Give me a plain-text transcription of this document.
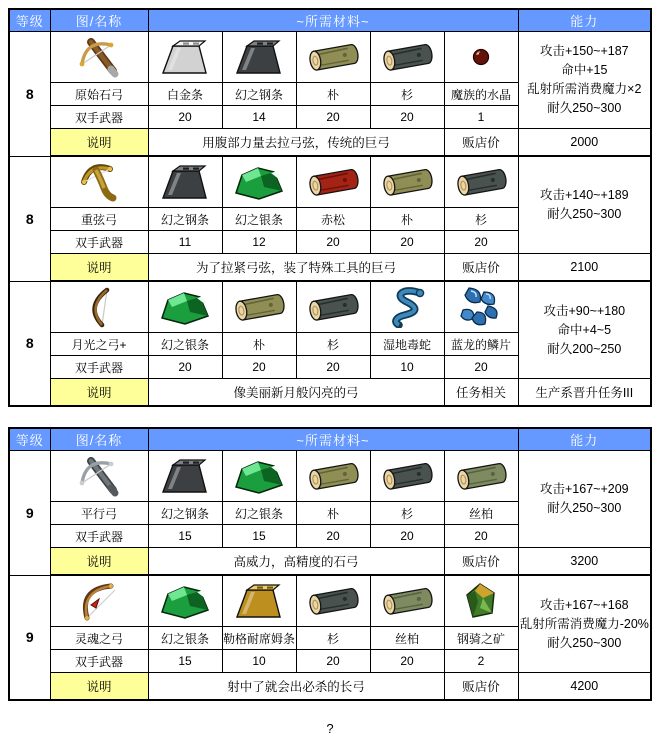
等级	图/名称	~所需材料~					能力
8							攻击+150~+187
命中+15
乱射所需消费魔力×2
耐久250~300

	原始石弓	白金条	幻之钢条	朴	杉	魔族的水晶	
	双手武器	20	14	20	20	1	
	说明	用腹部力量去拉弓弦，传统的巨弓				贩店价	2000
8							攻击+140~+189
耐久250~300

	重弦弓	幻之钢条	幻之银条	赤松	朴	杉	
	双手武器	11	12	20	20	20	
	说明	为了拉紧弓弦，装了特殊工具的巨弓				贩店价	2100
8							攻击+90~+180
命中+4~5
耐久200~250

	月光之弓+	幻之银条	朴	杉	湿地毒蛇	蓝龙的鳞片	
	双手武器	20	20	20	10	20	
	说明	像美丽新月般闪亮的弓				任务相关	生产系晋升任务III
等级	图/名称	~所需材料~					能力
9							攻击+167~+209
耐久250~300

	平行弓	幻之钢条	幻之银条	朴	杉	丝柏	
	双手武器	15	15	20	20	20	
	说明	高威力，高精度的石弓				贩店价	3200
9							攻击+167~+168
乱射所需消费魔力-20%
耐久250~300

	灵魂之弓	幻之银条	勒格耐席姆条	杉	丝柏	钢骑之矿	
	双手武器	15	10	20	20	2	
	说明	射中了就会出必杀的长弓				贩店价	4200
?
